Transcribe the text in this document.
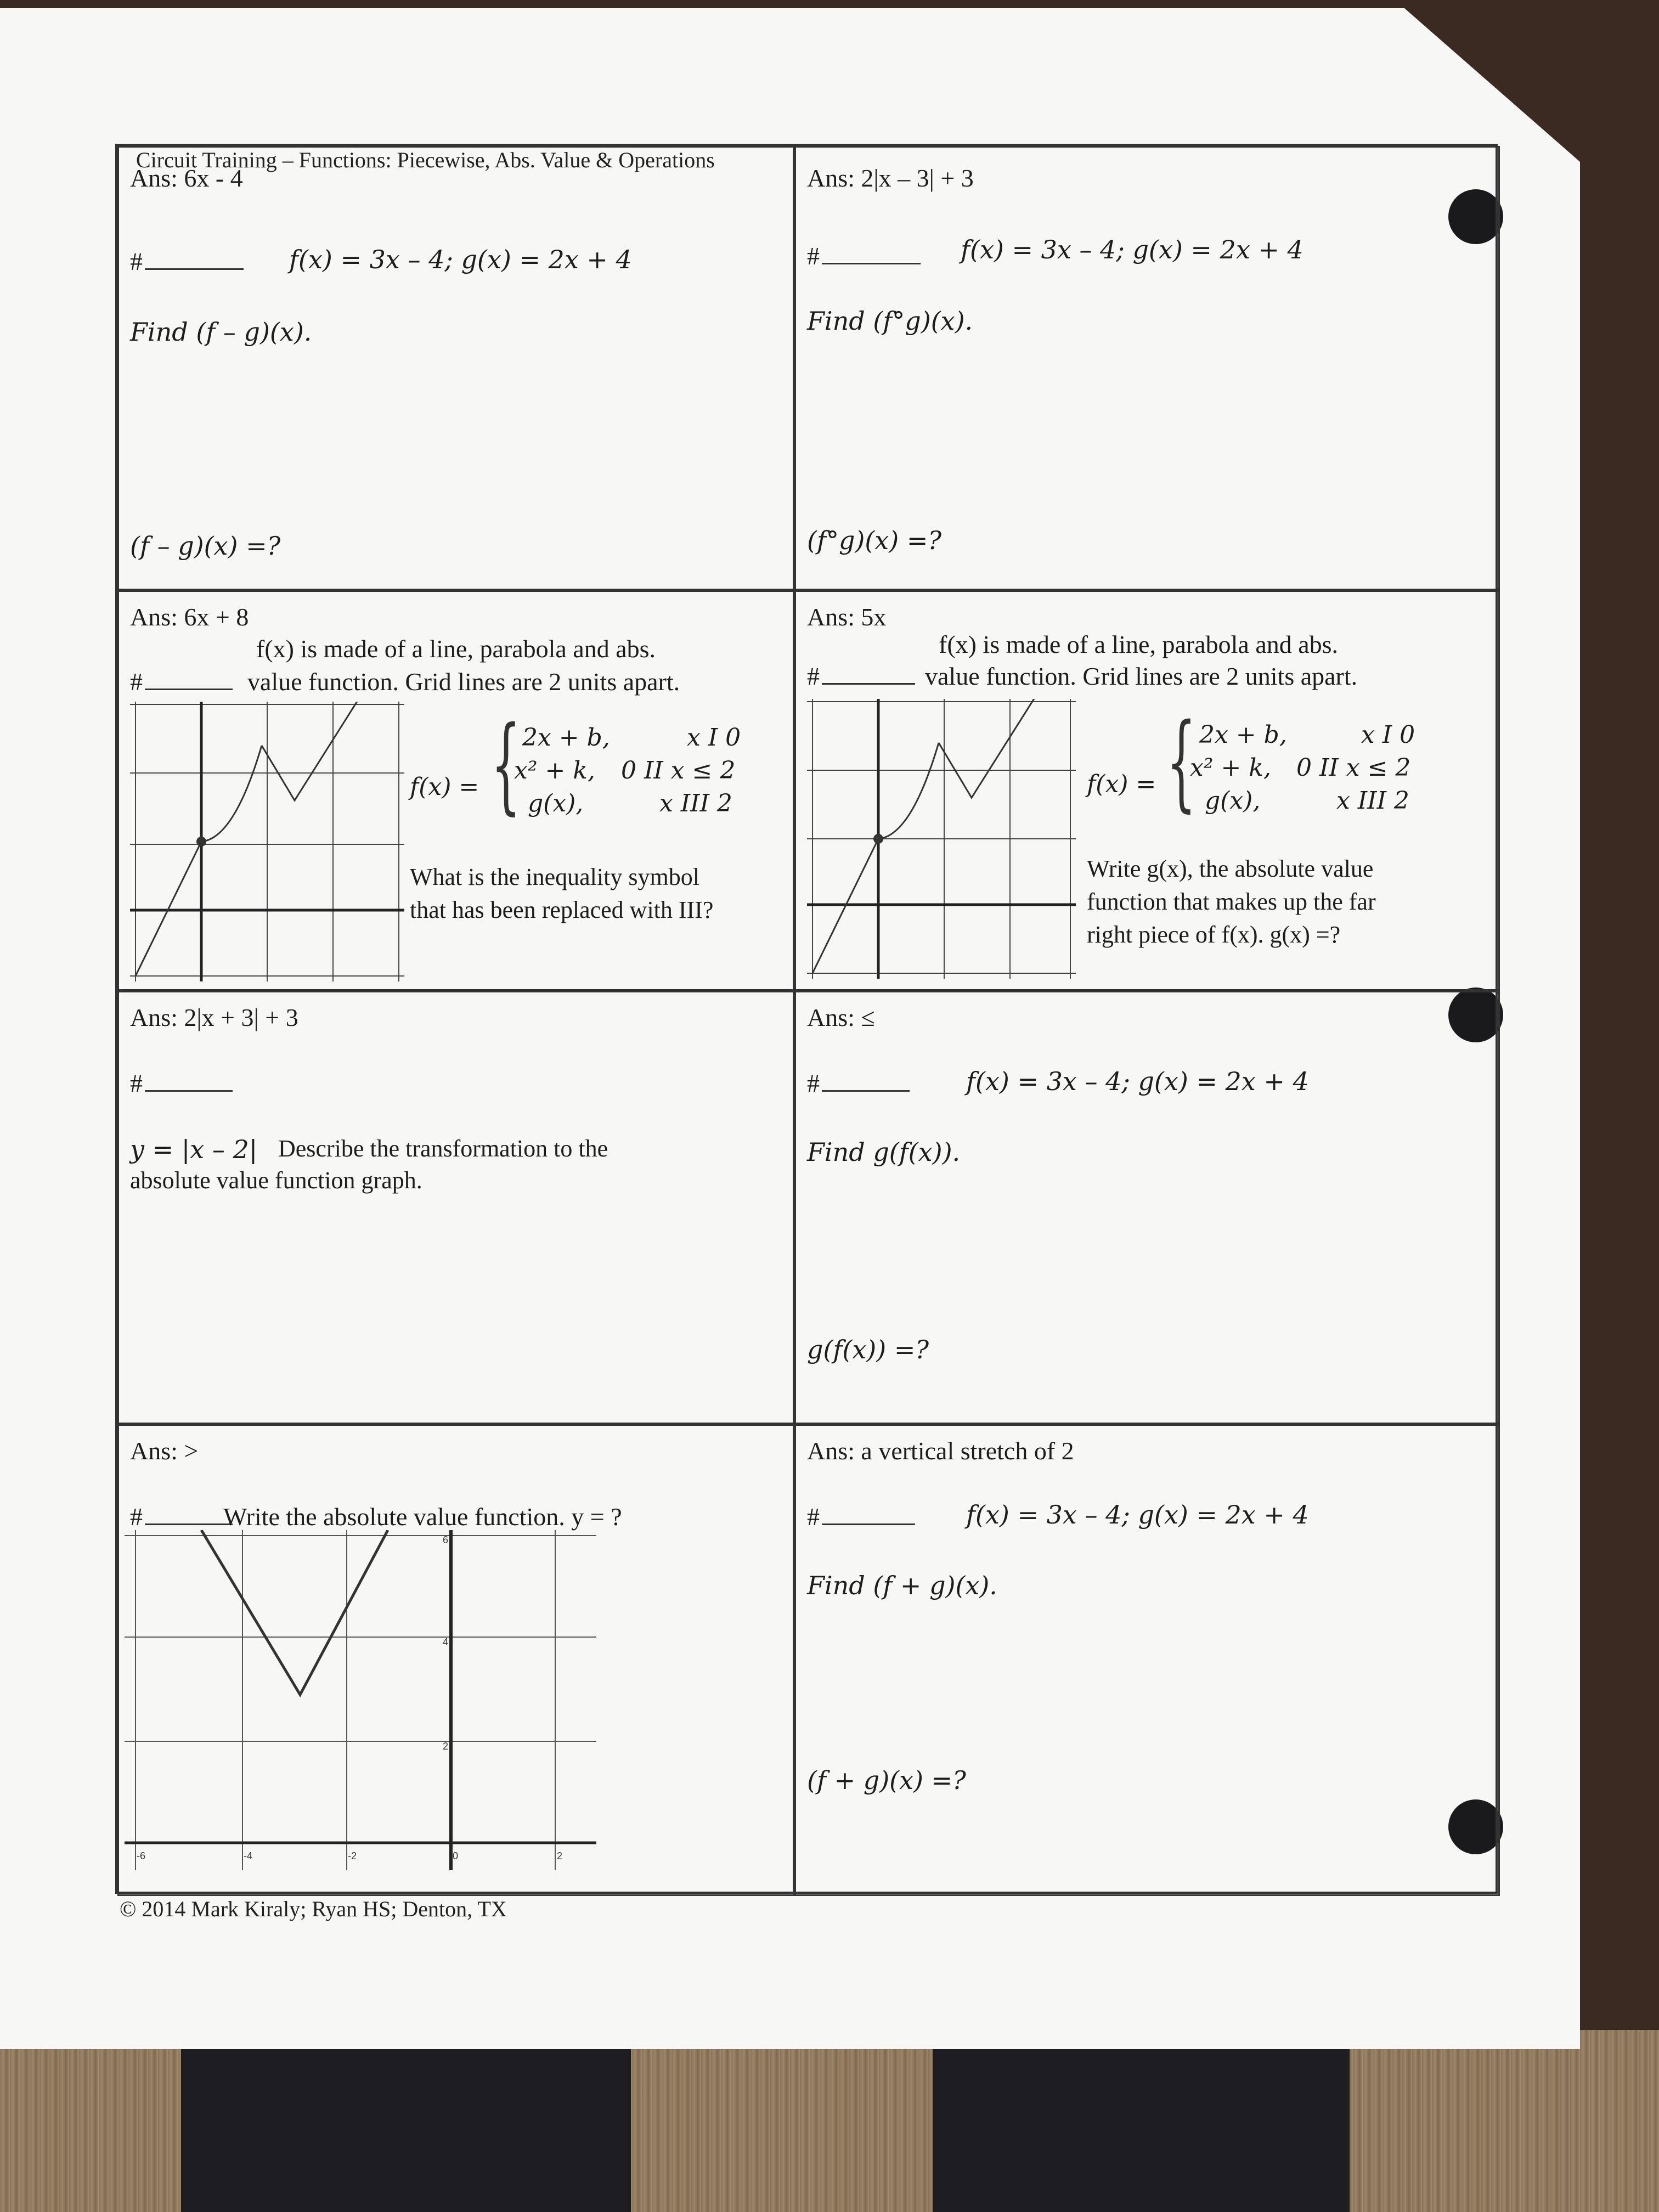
Circuit Training – Functions: Piecewise, Abs. Value & Operations
Ans: 6x - 4
#	f(x) = 3x – 4; g(x) = 2x + 4
Find (f – g)(x).
(f – g)(x) =?
Ans: 2|x – 3| + 3
#	f(x) = 3x – 4; g(x) = 2x + 4
Find (f°g)(x).
(f°g)(x) =?
Ans: 6x + 8
f(x) is made of a line, parabola and abs.
#	value function. Grid lines are 2 units apart.
f(x) = { 2x + b,	x I 0
x² + k, 0 II x ≤ 2
g(x),	x III 2
What is the inequality symbol
that has been replaced with III?
Ans: 5x
f(x) is made of a line, parabola and abs.
#	value function. Grid lines are 2 units apart.
f(x) = { 2x + b,	x I 0
x² + k, 0 II x ≤ 2
g(x),	x III 2
Write g(x), the absolute value
function that makes up the far
right piece of f(x). g(x) =?
Ans: 2|x + 3| + 3
#
y = |x – 2| Describe the transformation to the
absolute value function graph.
Ans: ≤
#	f(x) = 3x – 4; g(x) = 2x + 4
Find g(f(x)).
g(f(x)) =?
Ans: >
#	Write the absolute value function. y = ?
-6	-4	-2	0	2
6
4
2
Ans: a vertical stretch of 2
#	f(x) = 3x – 4; g(x) = 2x + 4
Find (f + g)(x).
(f + g)(x) =?
© 2014 Mark Kiraly; Ryan HS; Denton, TX
